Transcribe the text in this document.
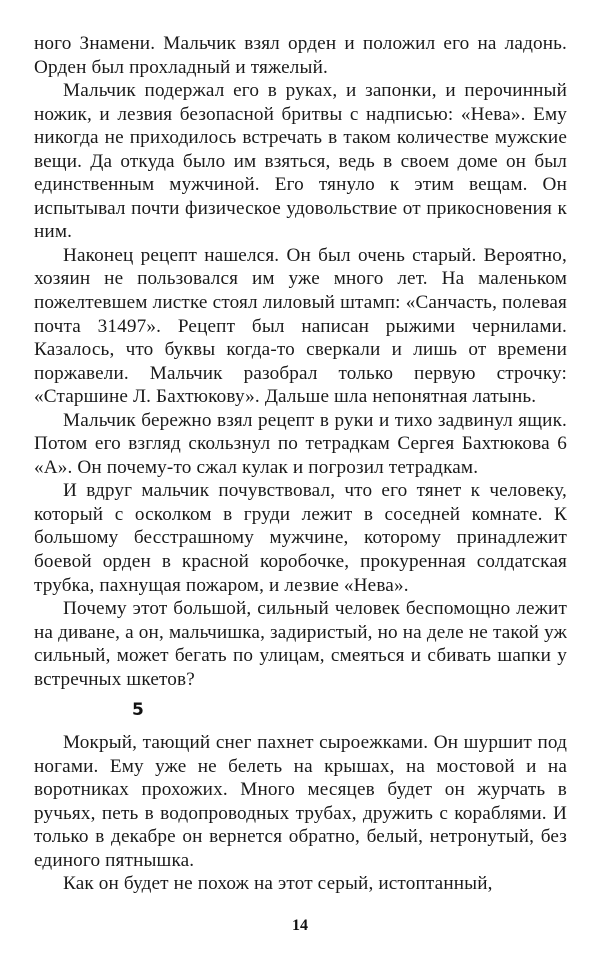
ного Знамени. Мальчик взял орден и положил его на ладонь. Орден был прохладный и тяжелый.

Мальчик подержал его в руках, и запонки, и перочинный ножик, и лезвия безопасной бритвы с надписью: «Нева». Ему никогда не приходилось встречать в таком количестве мужские вещи. Да откуда было им взяться, ведь в своем доме он был единственным мужчиной. Его тянуло к этим вещам. Он испытывал почти физическое удовольствие от прикосновения к ним.

Наконец рецепт нашелся. Он был очень старый. Вероятно, хозяин не пользовался им уже много лет. На маленьком пожелтевшем листке стоял лиловый штамп: «Санчасть, полевая почта 31497». Рецепт был написан рыжими чернилами. Казалось, что буквы когда-то сверкали и лишь от времени поржавели. Мальчик разобрал только первую строчку: «Старшине Л. Бахтюкову». Дальше шла непонятная латынь.

Мальчик бережно взял рецепт в руки и тихо задвинул ящик. Потом его взгляд скользнул по тетрадкам Сергея Бахтюкова 6 «А». Он почему-то сжал кулак и погрозил тетрадкам.

И вдруг мальчик почувствовал, что его тянет к человеку, который с осколком в груди лежит в соседней комнате. К большому бесстрашному мужчине, которому принадлежит боевой орден в красной коробочке, прокуренная солдатская трубка, пахнущая пожаром, и лезвие «Нева».

Почему этот большой, сильный человек беспомощно лежит на диване, а он, мальчишка, задиристый, но на деле не такой уж сильный, может бегать по улицам, смеяться и сбивать шапки у встречных шкетов?

5

Мокрый, тающий снег пахнет сыроежками. Он шуршит под ногами. Ему уже не белеть на крышах, на мостовой и на воротниках прохожих. Много месяцев будет он журчать в ручьях, петь в водопроводных трубах, дружить с кораблями. И только в декабре он вернется обратно, белый, нетронутый, без единого пятнышка.

Как он будет не похож на этот серый, истоптанный,

14
